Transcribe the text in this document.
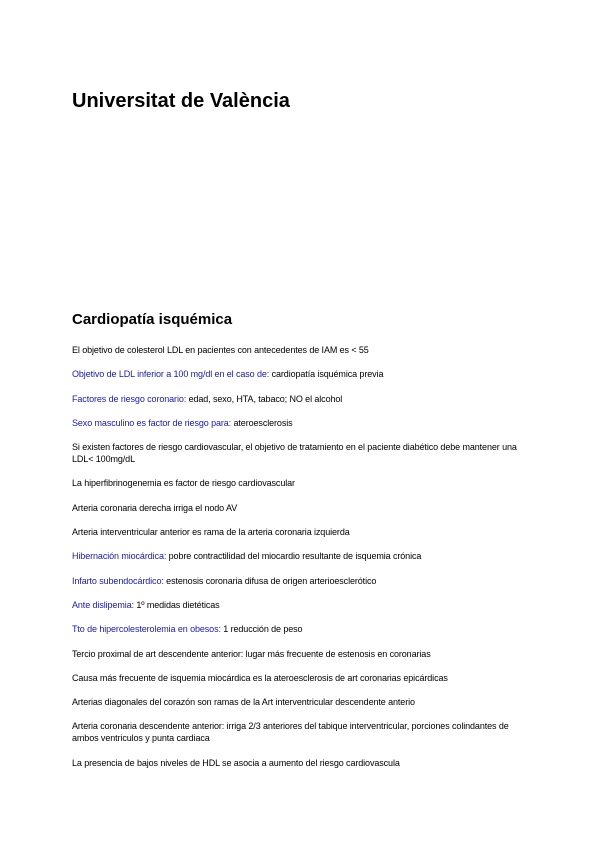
Universitat de València
Cardiopatía isquémica

El objetivo de colesterol LDL en pacientes con antecedentes de IAM es < 55

Objetivo de LDL inferior a 100 mg/dl en el caso de: cardiopatía isquémica previa

Factores de riesgo coronario: edad, sexo, HTA, tabaco; NO el alcohol

Sexo masculino es factor de riesgo para: ateroesclerosis

Si existen factores de riesgo cardiovascular, el objetivo de tratamiento en el paciente diabético debe mantener una LDL< 100mg/dL

La hiperfibrinogenemia es factor de riesgo cardiovascular

Arteria coronaria derecha irriga el nodo AV

Arteria interventricular anterior es rama de la arteria coronaria izquierda

Hibernación miocárdica: pobre contractilidad del miocardio resultante de isquemia crónica

Infarto subendocárdico: estenosis coronaria difusa de origen arterioesclerótico

Ante dislipemia: 1º medidas dietéticas

Tto de hipercolesterolemia en obesos: 1 reducción de peso

Tercio proximal de art descendente anterior: lugar más frecuente de estenosis en coronarias

Causa más frecuente de isquemia miocárdica es la ateroesclerosis de art coronarias epicárdicas

Arterias diagonales del corazón son ramas de la Art interventricular descendente anterio

Arteria coronaria descendente anterior: irriga 2/3 anteriores del tabique interventricular, porciones colindantes de ambos ventriculos y punta cardiaca

La presencia de bajos niveles de HDL se asocia a aumento del riesgo cardiovascula
